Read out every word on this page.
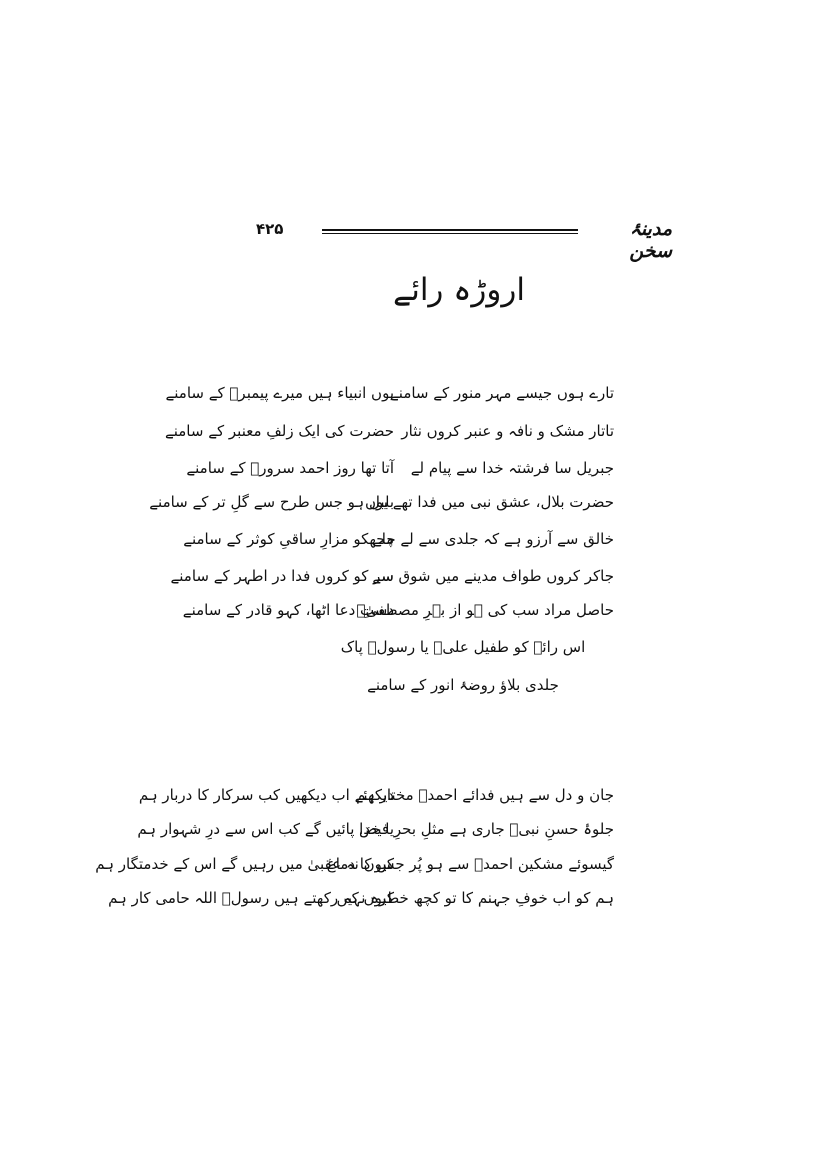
۴۲۵	مدینۂ سخن
اروڑہ رائے
تارے ہوں جیسے مہر منور کے سامنے
یوں انبیاء ہیں میرے پیمبرؐ کے سامنے
تاتار مشک و نافہ و عنبر کروں نثار
حضرت کی ایک زلفِ معنبر کے سامنے
جبریل سا فرشتہ خدا سے پیام لے
آتا تھا روز احمد سرورؐ کے سامنے
حضرت بلال، عشق نبی میں فدا تھے یوں
بلبل ہو جس طرح سے گلِ تر کے سامنے
خالق سے آرزو ہے کہ جلدی سے لے چلے
مجھکو مزارِ ساقیِ کوثر کے سامنے
جاکر کروں طواف مدینے میں شوق سے
سر کو کروں فدا در اطہر کے سامنے
حاصل مراد سب کی ہو از بہرِ مصطفیٰؐ
دستِ دعا اٹھا، کہو قادر کے سامنے
اس رائے کو طفیل علیؑ یا رسولؐ پاک
جلدی بلاؤ روضۂ انور کے سامنے
جان و دل سے ہیں فدائے احمدؐ مختار ہم
دیکھئے اب دیکھیں کب سرکار کا دربار ہم
جلوۂ حسنِ نبیؐ جاری ہے مثلِ بحرِ فیض
یا خدا پائیں گے کب اس سے درِ شہوار ہم
گیسوئے مشکین احمدؐ سے ہو پُر جس کا دماغ
کیوں نہ عقبیٰ میں رہیں گے اس کے خدمتگار ہم
ہم کو اب خوفِ جہنم کا تو کچھ خطرہ نہیں
کیوں کہ رکھتے ہیں رسولؐ اللہ حامی کار ہم
